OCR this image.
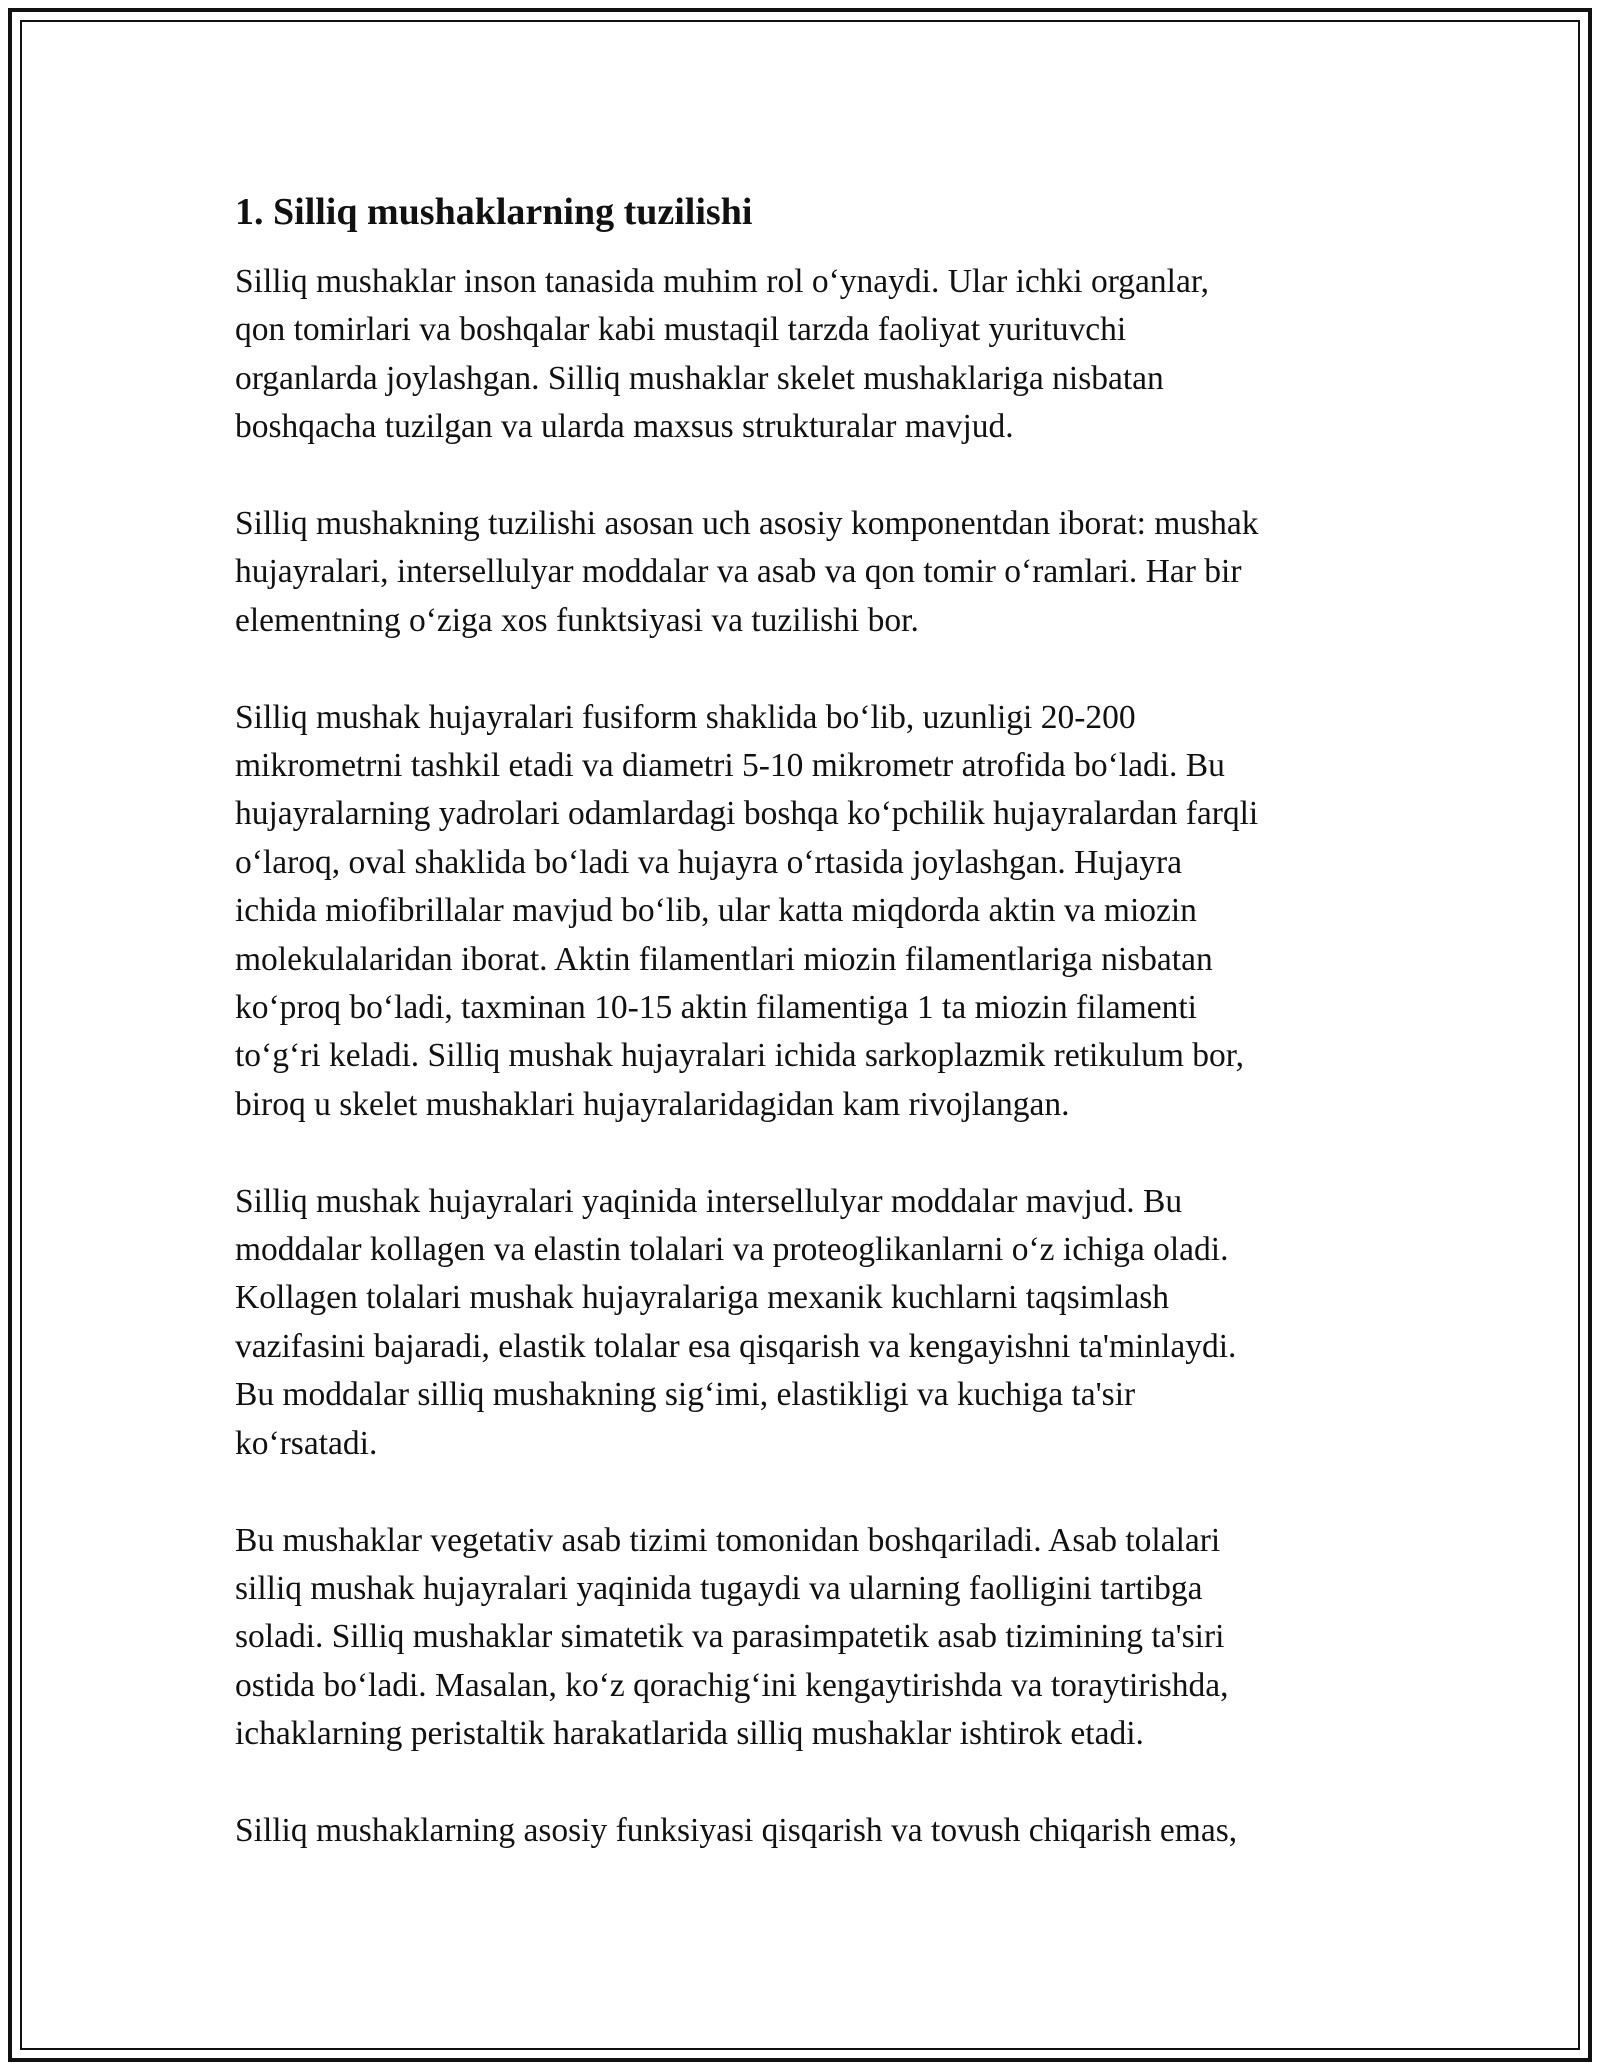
1. Silliq mushaklarning tuzilishi

Silliq mushaklar inson tanasida muhim rol o‘ynaydi. Ular ichki organlar,
qon tomirlari va boshqalar kabi mustaqil tarzda faoliyat yurituvchi
organlarda joylashgan. Silliq mushaklar skelet mushaklariga nisbatan
boshqacha tuzilgan va ularda maxsus strukturalar mavjud.

Silliq mushakning tuzilishi asosan uch asosiy komponentdan iborat: mushak
hujayralari, intersellulyar moddalar va asab va qon tomir o‘ramlari. Har bir
elementning o‘ziga xos funktsiyasi va tuzilishi bor.

Silliq mushak hujayralari fusiform shaklida bo‘lib, uzunligi 20-200
mikrometrni tashkil etadi va diametri 5-10 mikrometr atrofida bo‘ladi. Bu
hujayralarning yadrolari odamlardagi boshqa ko‘pchilik hujayralardan farqli
o‘laroq, oval shaklida bo‘ladi va hujayra o‘rtasida joylashgan. Hujayra
ichida miofibrillalar mavjud bo‘lib, ular katta miqdorda aktin va miozin
molekulalaridan iborat. Aktin filamentlari miozin filamentlariga nisbatan
ko‘proq bo‘ladi, taxminan 10-15 aktin filamentiga 1 ta miozin filamenti
to‘g‘ri keladi. Silliq mushak hujayralari ichida sarkoplazmik retikulum bor,
biroq u skelet mushaklari hujayralaridagidan kam rivojlangan.

Silliq mushak hujayralari yaqinida intersellulyar moddalar mavjud. Bu
moddalar kollagen va elastin tolalari va proteoglikanlarni o‘z ichiga oladi.
Kollagen tolalari mushak hujayralariga mexanik kuchlarni taqsimlash
vazifasini bajaradi, elastik tolalar esa qisqarish va kengayishni ta'minlaydi.
Bu moddalar silliq mushakning sig‘imi, elastikligi va kuchiga ta'sir
ko‘rsatadi.

Bu mushaklar vegetativ asab tizimi tomonidan boshqariladi. Asab tolalari
silliq mushak hujayralari yaqinida tugaydi va ularning faolligini tartibga
soladi. Silliq mushaklar simatetik va parasimpatetik asab tizimining ta'siri
ostida bo‘ladi. Masalan, ko‘z qorachig‘ini kengaytirishda va toraytirishda,
ichaklarning peristaltik harakatlarida silliq mushaklar ishtirok etadi.

Silliq mushaklarning asosiy funksiyasi qisqarish va tovush chiqarish emas,
